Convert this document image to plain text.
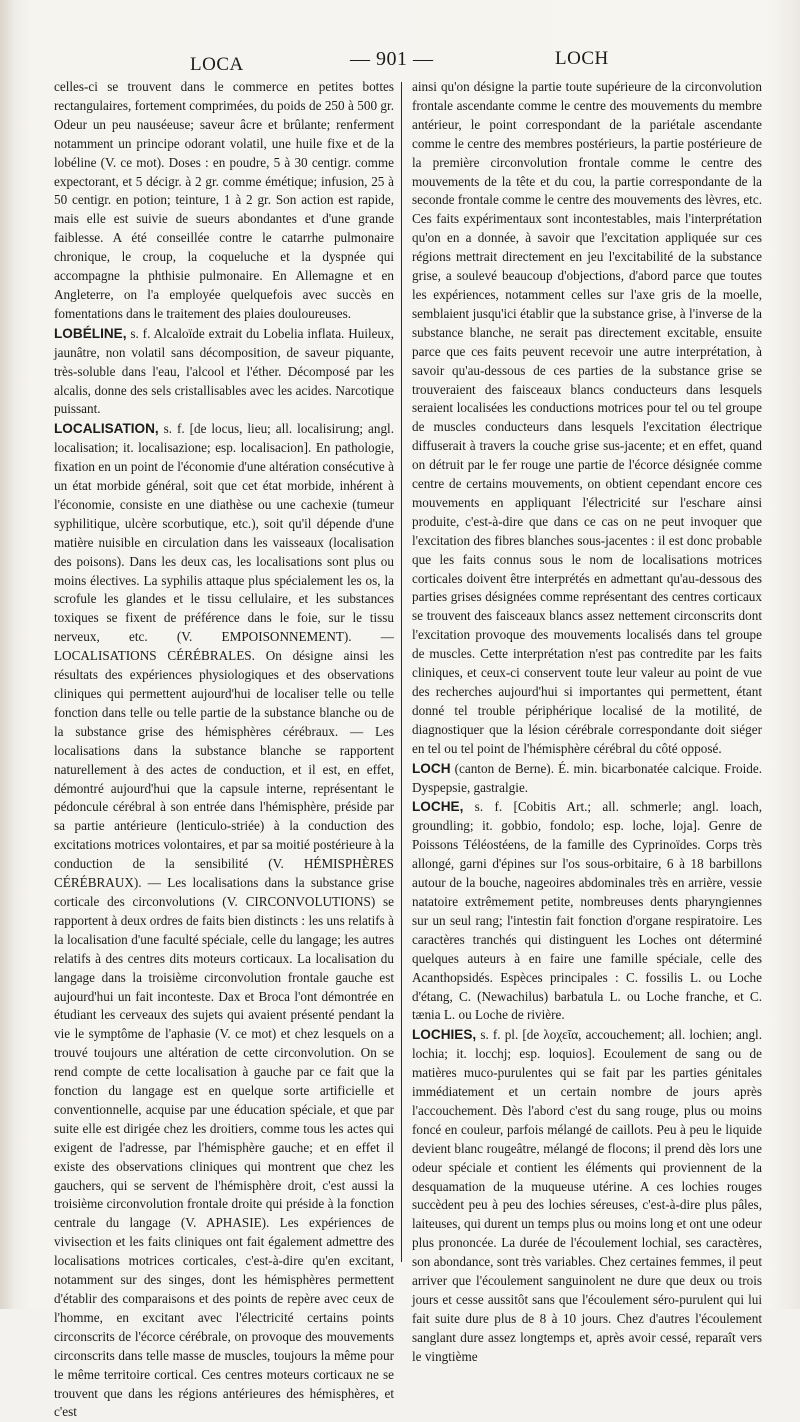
LOCA	— 901 —	LOCH

celles-ci se trouvent dans le commerce en petites bottes rectangulaires, fortement comprimées, du poids de 250 à 500 gr. Odeur un peu nauséeuse; saveur âcre et brûlante; renferment notamment un principe odorant volatil, une huile fixe et de la lobéline (V. ce mot). Doses : en poudre, 5 à 30 centigr. comme expectorant, et 5 décigr. à 2 gr. comme émétique; infusion, 25 à 50 centigr. en potion; teinture, 1 à 2 gr. Son action est rapide, mais elle est suivie de sueurs abondantes et d'une grande faiblesse. A été conseillée contre le catarrhe pulmonaire chronique, le croup, la coqueluche et la dyspnée qui accompagne la phthisie pulmonaire. En Allemagne et en Angleterre, on l'a employée quelquefois avec succès en fomentations dans le traitement des plaies douloureuses.

LOBÉLINE, s. f. Alcaloïde extrait du Lobelia inflata. Huileux, jaunâtre, non volatil sans décomposition, de saveur piquante, très-soluble dans l'eau, l'alcool et l'éther. Décomposé par les alcalis, donne des sels cristallisables avec les acides. Narcotique puissant.

LOCALISATION, s. f. [de locus, lieu; all. localisirung; angl. localisation; it. localisazione; esp. localisacion]. En pathologie, fixation en un point de l'économie d'une altération consécutive à un état morbide général, soit que cet état morbide, inhérent à l'économie, consiste en une diathèse ou une cachexie (tumeur syphilitique, ulcère scorbutique, etc.), soit qu'il dépende d'une matière nuisible en circulation dans les vaisseaux (localisation des poisons). Dans les deux cas, les localisations sont plus ou moins électives. La syphilis attaque plus spécialement les os, la scrofule les glandes et le tissu cellulaire, et les substances toxiques se fixent de préférence dans le foie, sur le tissu nerveux, etc. (V. EMPOISONNEMENT). — LOCALISATIONS CÉRÉBRALES. On désigne ainsi les résultats des expériences physiologiques et des observations cliniques qui permettent aujourd'hui de localiser telle ou telle fonction dans telle ou telle partie de la substance blanche ou de la substance grise des hémisphères cérébraux. — Les localisations dans la substance blanche se rapportent naturellement à des actes de conduction, et il est, en effet, démontré aujourd'hui que la capsule interne, représentant le pédoncule cérébral à son entrée dans l'hémisphère, préside par sa partie antérieure (lenticulo-striée) à la conduction des excitations motrices volontaires, et par sa moitié postérieure à la conduction de la sensibilité (V. HÉMISPHÈRES CÉRÉBRAUX). — Les localisations dans la substance grise corticale des circonvolutions (V. CIRCONVOLUTIONS) se rapportent à deux ordres de faits bien distincts : les uns relatifs à la localisation d'une faculté spéciale, celle du langage; les autres relatifs à des centres dits moteurs corticaux. La localisation du langage dans la troisième circonvolution frontale gauche est aujourd'hui un fait inconteste. Dax et Broca l'ont démontrée en étudiant les cerveaux des sujets qui avaient présenté pendant la vie le symptôme de l'aphasie (V. ce mot) et chez lesquels on a trouvé toujours une altération de cette circonvolution. On se rend compte de cette localisation à gauche par ce fait que la fonction du langage est en quelque sorte artificielle et conventionnelle, acquise par une éducation spéciale, et que par suite elle est dirigée chez les droitiers, comme tous les actes qui exigent de l'adresse, par l'hémisphère gauche; et en effet il existe des observations cliniques qui montrent que chez les gauchers, qui se servent de l'hémisphère droit, c'est aussi la troisième circonvolution frontale droite qui préside à la fonction centrale du langage (V. APHASIE). Les expériences de vivisection et les faits cliniques ont fait également admettre des localisations motrices corticales, c'est-à-dire qu'en excitant, notamment sur des singes, dont les hémisphères permettent d'établir des comparaisons et des points de repère avec ceux de l'homme, en excitant avec l'électricité certains points circonscrits de l'écorce cérébrale, on provoque des mouvements circonscrits dans telle masse de muscles, toujours la même pour le même territoire cortical. Ces centres moteurs corticaux ne se trouvent que dans les régions antérieures des hémisphères, et c'est

ainsi qu'on désigne la partie toute supérieure de la circonvolution frontale ascendante comme le centre des mouvements du membre antérieur, le point correspondant de la pariétale ascendante comme le centre des membres postérieurs, la partie postérieure de la première circonvolution frontale comme le centre des mouvements de la tête et du cou, la partie correspondante de la seconde frontale comme le centre des mouvements des lèvres, etc. Ces faits expérimentaux sont incontestables, mais l'interprétation qu'on en a donnée, à savoir que l'excitation appliquée sur ces régions mettrait directement en jeu l'excitabilité de la substance grise, a soulevé beaucoup d'objections, d'abord parce que toutes les expériences, notamment celles sur l'axe gris de la moelle, semblaient jusqu'ici établir que la substance grise, à l'inverse de la substance blanche, ne serait pas directement excitable, ensuite parce que ces faits peuvent recevoir une autre interprétation, à savoir qu'au-dessous de ces parties de la substance grise se trouveraient des faisceaux blancs conducteurs dans lesquels seraient localisées les conductions motrices pour tel ou tel groupe de muscles conducteurs dans lesquels l'excitation électrique diffuserait à travers la couche grise sus-jacente; et en effet, quand on détruit par le fer rouge une partie de l'écorce désignée comme centre de certains mouvements, on obtient cependant encore ces mouvements en appliquant l'électricité sur l'eschare ainsi produite, c'est-à-dire que dans ce cas on ne peut invoquer que l'excitation des fibres blanches sous-jacentes : il est donc probable que les faits connus sous le nom de localisations motrices corticales doivent être interprétés en admettant qu'au-dessous des parties grises désignées comme représentant des centres corticaux se trouvent des faisceaux blancs assez nettement circonscrits dont l'excitation provoque des mouvements localisés dans tel groupe de muscles. Cette interprétation n'est pas contredite par les faits cliniques, et ceux-ci conservent toute leur valeur au point de vue des recherches aujourd'hui si importantes qui permettent, étant donné tel trouble périphérique localisé de la motilité, de diagnostiquer que la lésion cérébrale correspondante doit siéger en tel ou tel point de l'hémisphère cérébral du côté opposé.

LOCH (canton de Berne). É. min. bicarbonatée calcique. Froide. Dyspepsie, gastralgie.

LOCHE, s. f. [Cobitis Art.; all. schmerle; angl. loach, groundling; it. gobbio, fondolo; esp. loche, loja]. Genre de Poissons Téléostéens, de la famille des Cyprinoïdes. Corps très allongé, garni d'épines sur l'os sous-orbitaire, 6 à 18 barbillons autour de la bouche, nageoires abdominales très en arrière, vessie natatoire extrêmement petite, nombreuses dents pharyngiennes sur un seul rang; l'intestin fait fonction d'organe respiratoire. Les caractères tranchés qui distinguent les Loches ont déterminé quelques auteurs à en faire une famille spéciale, celle des Acanthopsidés. Espèces principales : C. fossilis L. ou Loche d'étang, C. (Newachilus) barbatula L. ou Loche franche, et C. tænia L. ou Loche de rivière.

LOCHIES, s. f. pl. [de λοχεῖα, accouchement; all. lochien; angl. lochia; it. locchj; esp. loquios]. Ecoulement de sang ou de matières muco-purulentes qui se fait par les parties génitales immédiatement et un certain nombre de jours après l'accouchement. Dès l'abord c'est du sang rouge, plus ou moins foncé en couleur, parfois mélangé de caillots. Peu à peu le liquide devient blanc rougeâtre, mélangé de flocons; il prend dès lors une odeur spéciale et contient les éléments qui proviennent de la desquamation de la muqueuse utérine. A ces lochies rouges succèdent peu à peu des lochies séreuses, c'est-à-dire plus pâles, laiteuses, qui durent un temps plus ou moins long et ont une odeur plus prononcée. La durée de l'écoulement lochial, ses caractères, son abondance, sont très variables. Chez certaines femmes, il peut arriver que l'écoulement sanguinolent ne dure que deux ou trois jours et cesse aussitôt sans que l'écoulement séro-purulent qui lui fait suite dure plus de 8 à 10 jours. Chez d'autres l'écoulement sanglant dure assez longtemps et, après avoir cessé, reparaît vers le vingtième
